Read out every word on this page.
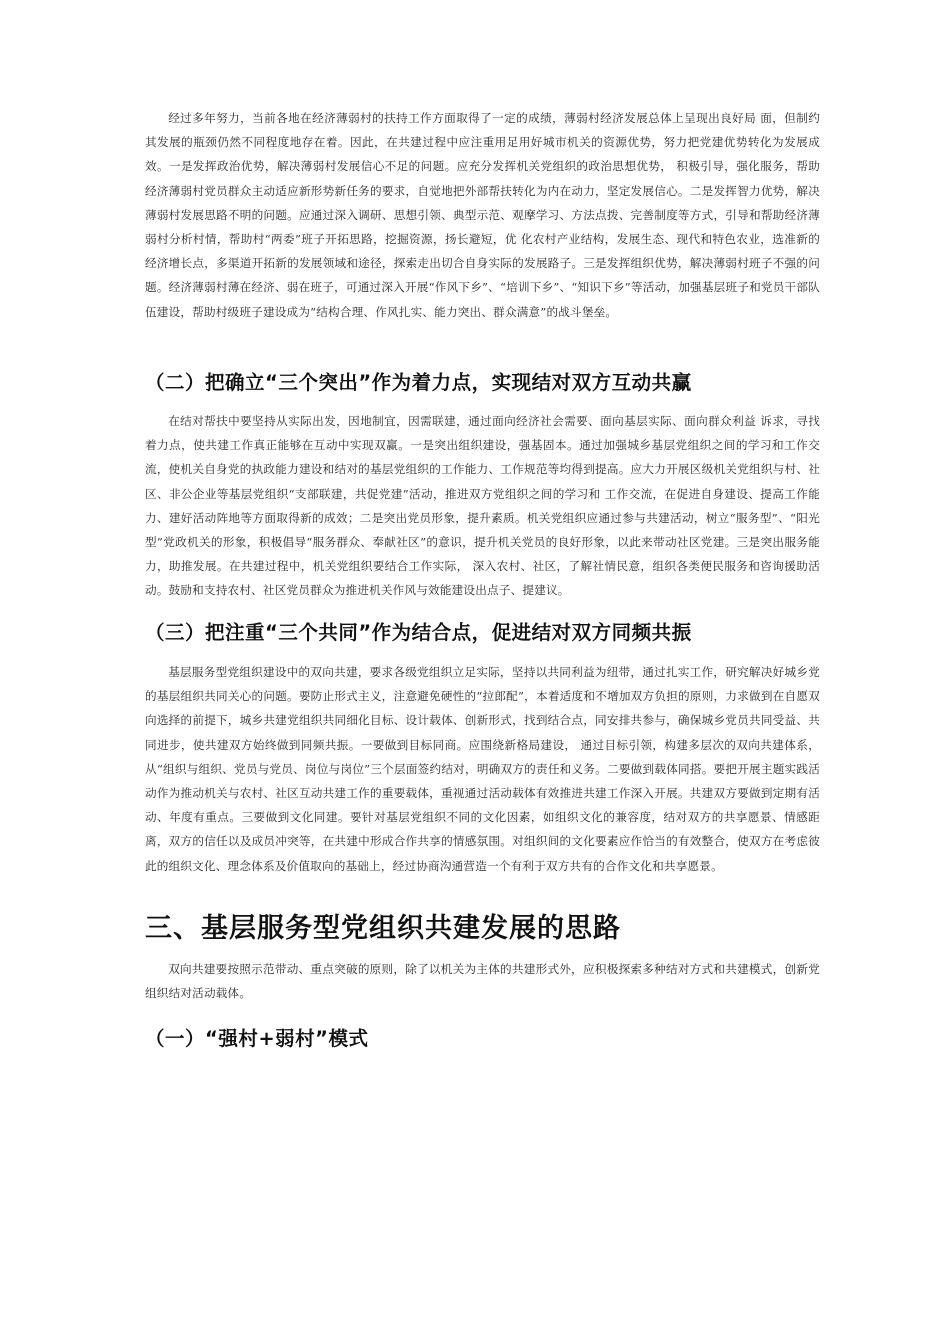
经过多年努力，当前各地在经济薄弱村的扶持工作方面取得了一定的成绩，薄弱村经济发展总体上呈现出良好局 面，但制约其发展的瓶颈仍然不同程度地存在着。因此，在共建过程中应注重用足用好城市机关的资源优势，努力把党建优势转化为发展成效。一是发挥政治优势，解决薄弱村发展信心不足的问题。应充分发挥机关党组织的政治思想优势， 积极引导，强化服务，帮助经济薄弱村党员群众主动适应新形势新任务的要求，自觉地把外部帮扶转化为内在动力，坚定发展信心。二是发挥智力优势，解决薄弱村发展思路不明的问题。应通过深入调研、思想引领、典型示范、观摩学习、方法点拨、完善制度等方式，引导和帮助经济薄弱村分析村情，帮助村“两委”班子开拓思路，挖掘资源，扬长避短，优 化农村产业结构，发展生态、现代和特色农业，选准新的经济增长点，多渠道开拓新的发展领域和途径，探索走出切合自身实际的发展路子。三是发挥组织优势，解决薄弱村班子不强的问题。经济薄弱村薄在经济、弱在班子，可通过深入开展“作风下乡”、“培训下乡”、“知识下乡”等活动，加强基层班子和党员干部队伍建设，帮助村级班子建设成为“结构合理、作风扎实、能力突出、群众满意”的战斗堡垒。

（二）把确立“三个突出”作为着力点，实现结对双方互动共赢

在结对帮扶中要坚持从实际出发，因地制宜，因需联建，通过面向经济社会需要、面向基层实际、面向群众利益 诉求，寻找着力点，使共建工作真正能够在互动中实现双赢。一是突出组织建设，强基固本。通过加强城乡基层党组织之间的学习和工作交流，使机关自身党的执政能力建设和结对的基层党组织的工作能力、工作规范等均得到提高。应大力开展区级机关党组织与村、社区、非公企业等基层党组织“支部联建，共促党建”活动，推进双方党组织之间的学习和 工作交流，在促进自身建设、提高工作能力、建好活动阵地等方面取得新的成效；二是突出党员形象，提升素质。机关党组织应通过参与共建活动，树立“服务型”、“阳光型”党政机关的形象，积极倡导“服务群众、奉献社区”的意识，提升机关党员的良好形象，以此来带动社区党建。三是突出服务能力，助推发展。在共建过程中，机关党组织要结合工作实际， 深入农村、社区，了解社情民意，组织各类便民服务和咨询援助活动。鼓励和支持农村、社区党员群众为推进机关作风与效能建设出点子、提建议。

（三）把注重“三个共同”作为结合点，促进结对双方同频共振

基层服务型党组织建设中的双向共建，要求各级党组织立足实际，坚持以共同利益为纽带，通过扎实工作，研究解决好城乡党的基层组织共同关心的问题。要防止形式主义，注意避免硬性的“拉郎配”，本着适度和不增加双方负担的原则，力求做到在自愿双向选择的前提下，城乡共建党组织共同细化目标、设计载体、创新形式，找到结合点，同安排共参与，确保城乡党员共同受益、共同进步，使共建双方始终做到同频共振。一要做到目标同商。应围绕新格局建设， 通过目标引领，构建多层次的双向共建体系，从“组织与组织、党员与党员、岗位与岗位”三个层面签约结对，明确双方的责任和义务。二要做到载体同搭。要把开展主题实践活动作为推动机关与农村、社区互动共建工作的重要载体，重视通过活动载体有效推进共建工作深入开展。共建双方要做到定期有活动、年度有重点。三要做到文化同建。要针对基层党组织不同的文化因素，如组织文化的兼容度，结对双方的共享愿景、情感距离，双方的信任以及成员冲突等，在共建中形成合作共享的情感氛围。对组织间的文化要素应作恰当的有效整合，使双方在考虑彼此的组织文化、理念体系及价值取向的基础上，经过协商沟通营造一个有利于双方共有的合作文化和共享愿景。

三、基层服务型党组织共建发展的思路

双向共建要按照示范带动、重点突破的原则，除了以机关为主体的共建形式外，应积极探索多种结对方式和共建模式，创新党组织结对活动载体。

（一）“强村+弱村”模式
